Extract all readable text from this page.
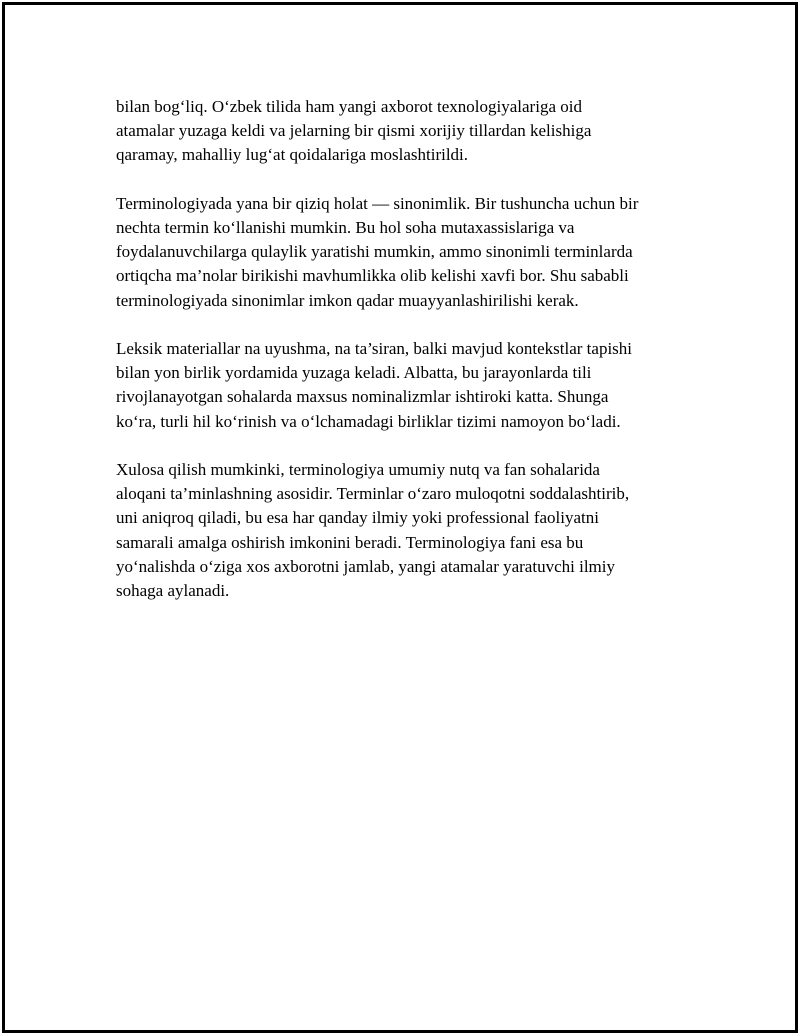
bilan bog‘liq. O‘zbek tilida ham yangi axborot texnologiyalariga oid
atamalar yuzaga keldi va jelarning bir qismi xorijiy tillardan kelishiga
qaramay, mahalliy lug‘at qoidalariga moslashtirildi.

Terminologiyada yana bir qiziq holat — sinonimlik. Bir tushuncha uchun bir
nechta termin ko‘llanishi mumkin. Bu hol soha mutaxassislariga va
foydalanuvchilarga qulaylik yaratishi mumkin, ammo sinonimli terminlarda
ortiqcha ma’nolar birikishi mavhumlikka olib kelishi xavfi bor. Shu sababli
terminologiyada sinonimlar imkon qadar muayyanlashirilishi kerak.

Leksik materiallar na uyushma, na ta’siran, balki mavjud kontekstlar tapishi
bilan yon birlik yordamida yuzaga keladi. Albatta, bu jarayonlarda tili
rivojlanayotgan sohalarda maxsus nominalizmlar ishtiroki katta. Shunga
ko‘ra, turli hil ko‘rinish va o‘lchamadagi birliklar tizimi namoyon bo‘ladi.

Xulosa qilish mumkinki, terminologiya umumiy nutq va fan sohalarida
aloqani ta’minlashning asosidir. Terminlar o‘zaro muloqotni soddalashtirib,
uni aniqroq qiladi, bu esa har qanday ilmiy yoki professional faoliyatni
samarali amalga oshirish imkonini beradi. Terminologiya fani esa bu
yo‘nalishda o‘ziga xos axborotni jamlab, yangi atamalar yaratuvchi ilmiy
sohaga aylanadi.
